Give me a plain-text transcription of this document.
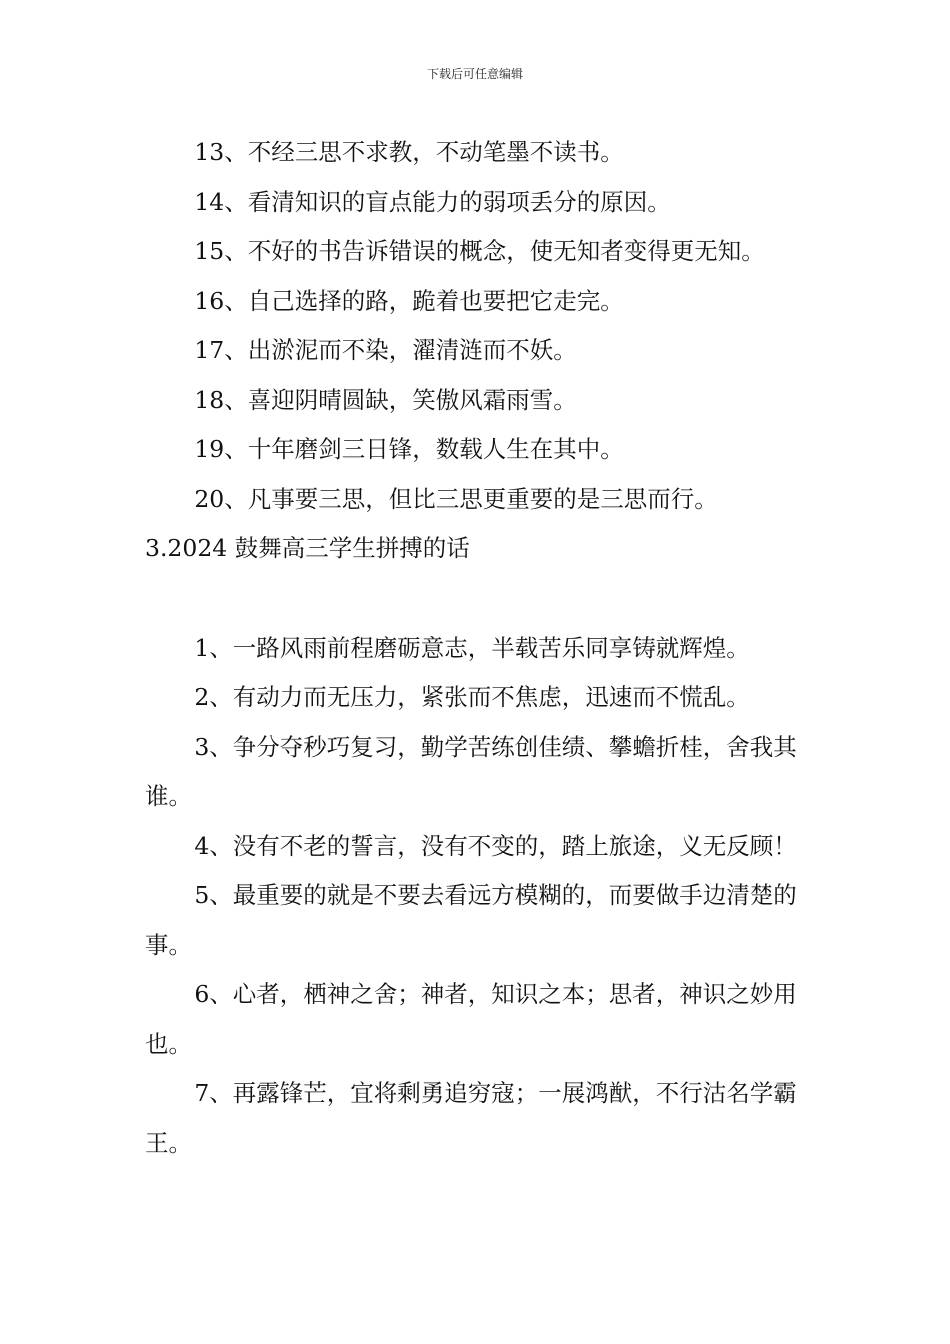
下载后可任意编辑

13、不经三思不求教，不动笔墨不读书。

14、看清知识的盲点能力的弱项丢分的原因。

15、不好的书告诉错误的概念，使无知者变得更无知。

16、自己选择的路，跪着也要把它走完。

17、出淤泥而不染，濯清涟而不妖。

18、喜迎阴晴圆缺，笑傲风霜雨雪。

19、十年磨剑三日锋，数载人生在其中。

20、凡事要三思，但比三思更重要的是三思而行。

3.2024 鼓舞高三学生拼搏的话

1、一路风雨前程磨砺意志，半载苦乐同享铸就辉煌。

2、有动力而无压力，紧张而不焦虑，迅速而不慌乱。

3、争分夺秒巧复习，勤学苦练创佳绩、攀蟾折桂，舍我其谁。

4、没有不老的誓言，没有不变的，踏上旅途，义无反顾！

5、最重要的就是不要去看远方模糊的，而要做手边清楚的事。

6、心者，栖神之舍；神者，知识之本；思者，神识之妙用也。

7、再露锋芒，宜将剩勇追穷寇；一展鸿猷，不行沽名学霸王。
